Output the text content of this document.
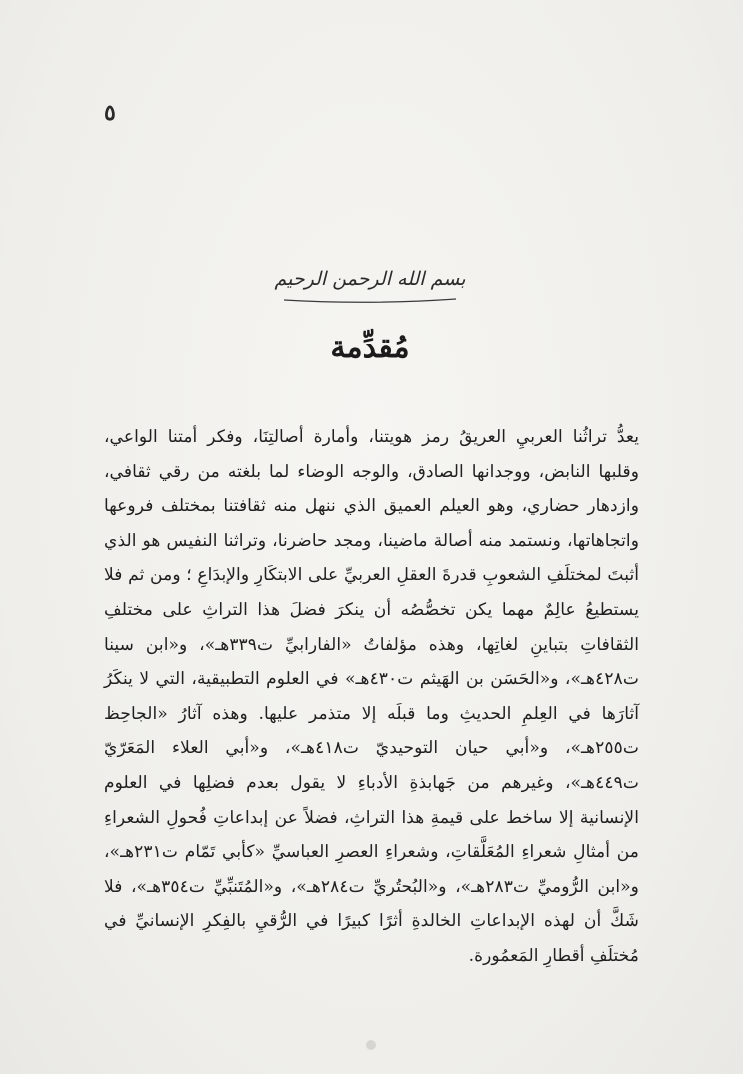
٥
بسم الله الرحمن الرحيم
مُقدِّمة

يعدُّ تراثُنا العربيِ العريقُ رمز هويتنا، وأمارة أصالتِنَا، وفكر أمتنا الواعي، وقلبها النابض، ووجدانها الصادق، والوجه الوضاء لما بلغته من رقي ثقافي، وازدهار حضاري، وهو العيلم العميق الذي ننهل منه ثقافتنا بمختلف فروعها واتجاهاتها، ونستمد منه أصالة ماضينا، ومجد حاضرنا، وتراثنا النفيس هو الذي أثبتَ لمختلَفِ الشعوبِ قدرةَ العقلِ العربيِّ على الابتكَارِ والإبدَاعِ ؛ ومن ثم فلا يستطيعُ عالِمٌ مهما يكن تخصُّصُه أن ينكرَ فضلَ هذا التراثِ على مختلفِ الثقافاتِ بتباينِ لغاتِها، وهذه مؤلفاتُ «الفارابيِّ ت٣٣٩هـ»، و«ابن سينا ت٤٢٨هـ»، و«الحَسَن بن الهَيثم ت٤٣٠هـ» في العلوم التطبيقية، التي لا ينكَرُ آثارَها في العِلمِ الحديثِ وما قبلَه إلا متذمر عليها. وهذه آثارُ «الجاحِظ ت٢٥٥هـ»، و«أبي حيان التوحيديّ ت٤١٨هـ»، و«أبي العلاء المَعَرّيّ ت٤٤٩هـ»، وغيرهم من جَهابذةِ الأدباءِ لا يقول بعدم فضلِها في العلوم الإنسانية إلا ساخط على قيمةِ هذا التراثِ، فضلاً عن إبداعاتِ فُحولِ الشعراءِ من أمثالِ شعراءِ المُعَلَّقاتِ، وشعراءِ العصرِ العباسيِّ «كأبي تَمّام ت٢٣١هـ»، و«ابن الرُّوميِّ ت٢٨٣هـ»، و«البُحتُريِّ ت٢٨٤هـ»، و«المُتَنبِّيِّ ت٣٥٤هـ»، فلا شَكَّ أن لهذه الإبداعاتِ الخالدةِ أثرًا كبيرًا في الرُّقيِ بالفِكرِ الإنسانيِّ في مُختلَفِ أقطارِ المَعمُورة.
